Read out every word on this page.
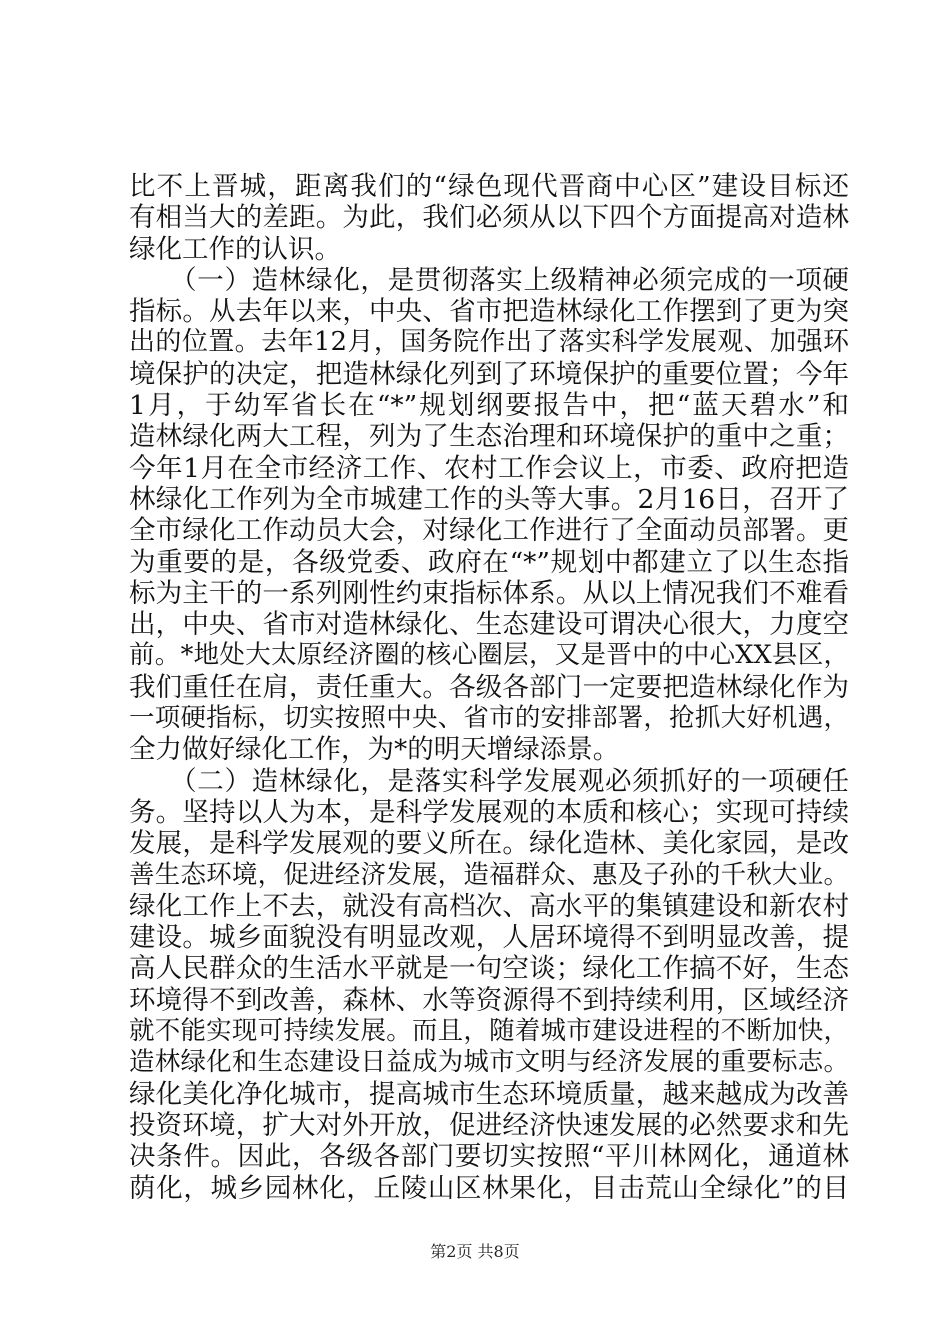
比不上晋城，距离我们的“绿色现代晋商中心区”建设目标还
有相当大的差距。为此，我们必须从以下四个方面提高对造林
绿化工作的认识。
　　（一）造林绿化，是贯彻落实上级精神必须完成的一项硬
指标。从去年以来，中央、省市把造林绿化工作摆到了更为突
出的位置。去年12月，国务院作出了落实科学发展观、加强环
境保护的决定，把造林绿化列到了环境保护的重要位置；今年
1月，于幼军省长在“*”规划纲要报告中，把“蓝天碧水”和
造林绿化两大工程，列为了生态治理和环境保护的重中之重；
今年1月在全市经济工作、农村工作会议上，市委、政府把造
林绿化工作列为全市城建工作的头等大事。2月16日，召开了
全市绿化工作动员大会，对绿化工作进行了全面动员部署。更
为重要的是，各级党委、政府在“*”规划中都建立了以生态指
标为主干的一系列刚性约束指标体系。从以上情况我们不难看
出，中央、省市对造林绿化、生态建设可谓决心很大，力度空
前。*地处大太原经济圈的核心圈层，又是晋中的中心XX县区，
我们重任在肩，责任重大。各级各部门一定要把造林绿化作为
一项硬指标，切实按照中央、省市的安排部署，抢抓大好机遇，
全力做好绿化工作，为*的明天增绿添景。
　　（二）造林绿化，是落实科学发展观必须抓好的一项硬任
务。坚持以人为本，是科学发展观的本质和核心；实现可持续
发展，是科学发展观的要义所在。绿化造林、美化家园，是改
善生态环境，促进经济发展，造福群众、惠及子孙的千秋大业。
绿化工作上不去，就没有高档次、高水平的集镇建设和新农村
建设。城乡面貌没有明显改观，人居环境得不到明显改善，提
高人民群众的生活水平就是一句空谈；绿化工作搞不好，生态
环境得不到改善，森林、水等资源得不到持续利用，区域经济
就不能实现可持续发展。而且，随着城市建设进程的不断加快，
造林绿化和生态建设日益成为城市文明与经济发展的重要标志。
绿化美化净化城市，提高城市生态环境质量，越来越成为改善
投资环境，扩大对外开放，促进经济快速发展的必然要求和先
决条件。因此，各级各部门要切实按照“平川林网化，通道林
荫化，城乡园林化，丘陵山区林果化，目击荒山全绿化”的目
第2页 共8页
